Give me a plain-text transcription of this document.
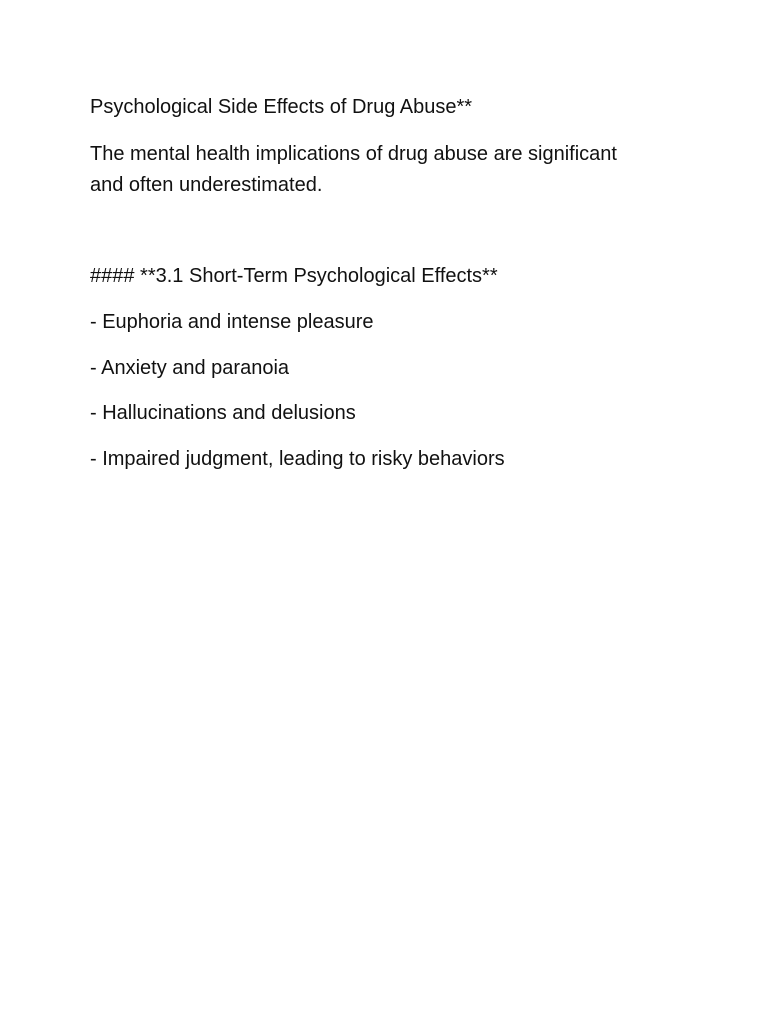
Psychological Side Effects of Drug Abuse**

The mental health implications of drug abuse are significant
and often underestimated.

#### **3.1 Short-Term Psychological Effects**

- Euphoria and intense pleasure

- Anxiety and paranoia

- Hallucinations and delusions

- Impaired judgment, leading to risky behaviors
